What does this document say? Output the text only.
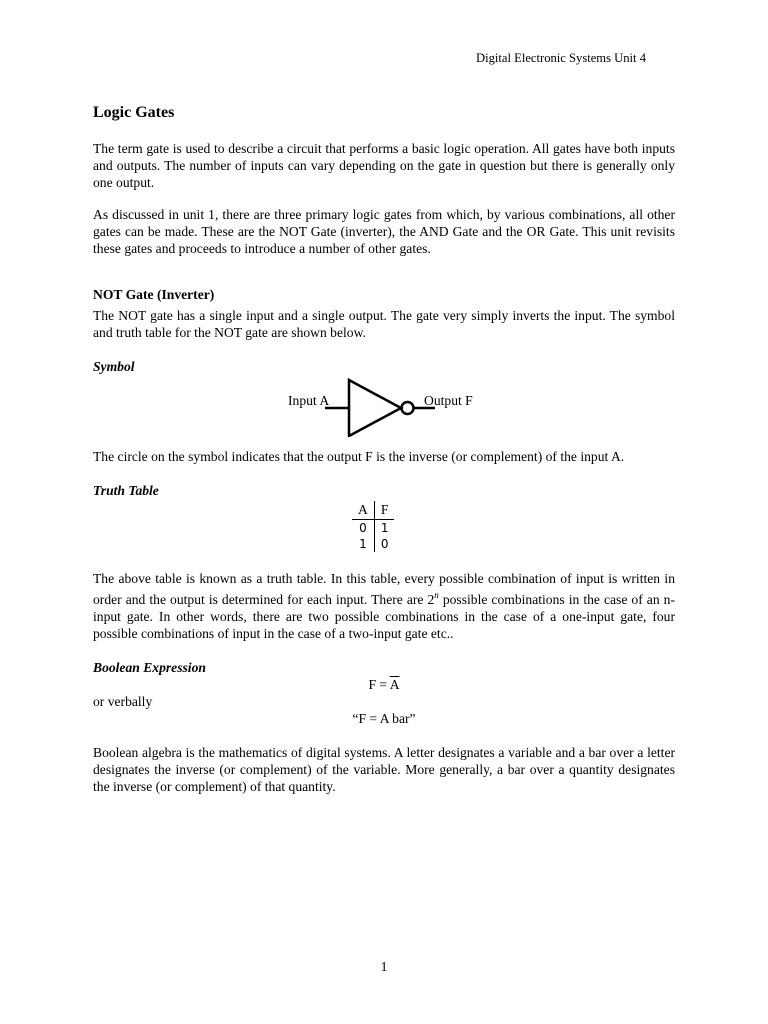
Digital Electronic Systems Unit 4
Logic Gates

The term gate is used to describe a circuit that performs a basic logic operation. All gates have both inputs and outputs. The number of inputs can vary depending on the gate in question but there is generally only one output.

As discussed in unit 1, there are three primary logic gates from which, by various combinations, all other gates can be made. These are the NOT Gate (inverter), the AND Gate and the OR Gate. This unit revisits these gates and proceeds to introduce a number of other gates.

NOT Gate (Inverter)

The NOT gate has a single input and a single output. The gate very simply inverts the input. The symbol and truth table for the NOT gate are shown below.

Symbol

Input A	Output F

The circle on the symbol indicates that the output F is the inverse (or complement) of the input A.

Truth Table

A	F
0	1
1	0

The above table is known as a truth table. In this table, every possible combination of input is written in order and the output is determined for each input. There are 2$^n$ possible combinations in the case of an n-input gate. In other words, there are two possible combinations in the case of a one-input gate, four possible combinations of input in the case of a two-input gate etc..

Boolean Expression

$F = \overline{A}$

or verbally

“F = A bar”

Boolean algebra is the mathematics of digital systems. A letter designates a variable and a bar over a letter designates the inverse (or complement) of the variable. More generally, a bar over a quantity designates the inverse (or complement) of that quantity.

1
